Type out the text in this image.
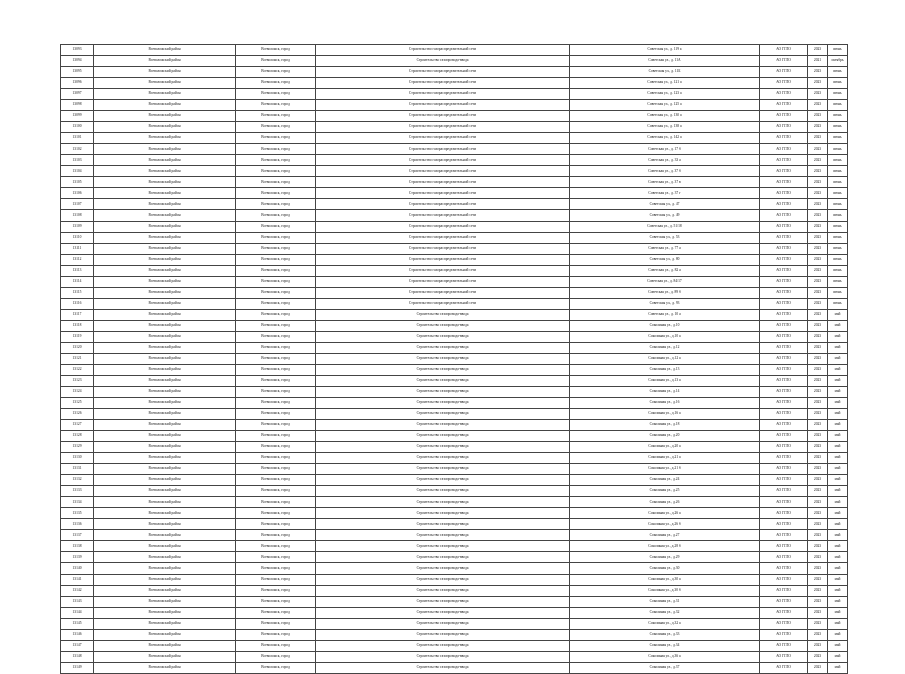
13093	Всеволожский район	Всеволожск, город	Строительство газораспределительной сети	Советская ул., д. 119 а	АО ГГЛО	2023	июнь
13094	Всеволожский район	Всеволожск, город	Строительство газопровода-ввода	Советская ул., д. 11А	АО ГГЛО	2021	октябрь
13095	Всеволожский район	Всеволожск, город	Строительство газораспределительной сети	Советская ул., д. 11Б	АО ГГЛО	2023	июнь
13096	Всеволожский район	Всеволожск, город	Строительство газораспределительной сети	Советская ул., д. 121 а	АО ГГЛО	2023	июнь
13097	Всеволожский район	Всеволожск, город	Строительство газораспределительной сети	Советская ул., д. 123 а	АО ГГЛО	2023	июнь
13098	Всеволожский район	Всеволожск, город	Строительство газораспределительной сети	Советская ул., д. 125 а	АО ГГЛО	2023	июнь
13099	Всеволожский район	Всеволожск, город	Строительство газораспределительной сети	Советская ул., д. 130 а	АО ГГЛО	2023	июнь
13100	Всеволожский район	Всеволожск, город	Строительство газораспределительной сети	Советская ул., д. 138 а	АО ГГЛО	2023	июнь
13101	Всеволожский район	Всеволожск, город	Строительство газораспределительной сети	Советская ул., д. 142 а	АО ГГЛО	2023	июнь
13102	Всеволожский район	Всеволожск, город	Строительство газораспределительной сети	Советская ул., д. 17 б	АО ГГЛО	2023	июнь
13103	Всеволожский район	Всеволожск, город	Строительство газораспределительной сети	Советская ул., д. 33 а	АО ГГЛО	2023	июнь
13104	Всеволожский район	Всеволожск, город	Строительство газораспределительной сети	Советская ул., д. 37 б	АО ГГЛО	2023	июнь
13105	Всеволожский район	Всеволожск, город	Строительство газораспределительной сети	Советская ул., д. 37 в	АО ГГЛО	2023	июнь
13106	Всеволожский район	Всеволожск, город	Строительство газораспределительной сети	Советская ул., д. 37 г	АО ГГЛО	2023	июнь
13107	Всеволожский район	Всеволожск, город	Строительство газораспределительной сети	Советская ул., д. 47	АО ГГЛО	2023	июнь
13108	Всеволожский район	Всеволожск, город	Строительство газораспределительной сети	Советская ул., д. 49	АО ГГЛО	2023	июнь
13109	Всеволожский район	Всеволожск, город	Строительство газораспределительной сети	Советская ул., д. 51/18	АО ГГЛО	2023	июнь
13110	Всеволожский район	Всеволожск, город	Строительство газораспределительной сети	Советская ул., д. 53	АО ГГЛО	2023	июнь
13111	Всеволожский район	Всеволожск, город	Строительство газораспределительной сети	Советская ул., д. 77 а	АО ГГЛО	2023	июнь
13112	Всеволожский район	Всеволожск, город	Строительство газораспределительной сети	Советская ул., д. 80	АО ГГЛО	2023	июнь
13113	Всеволожский район	Всеволожск, город	Строительство газораспределительной сети	Советская ул., д. 82 а	АО ГГЛО	2023	июнь
13114	Всеволожский район	Всеволожск, город	Строительство газораспределительной сети	Советская ул., д. 84/17	АО ГГЛО	2023	июнь
13115	Всеволожский район	Всеволожск, город	Строительство газораспределительной сети	Советская ул., д. 89 б	АО ГГЛО	2023	июнь
13116	Всеволожский район	Всеволожск, город	Строительство газораспределительной сети	Советская ул., д. 93	АО ГГЛО	2023	июнь
13117	Всеволожский район	Всеволожск, город	Строительство газопровода-ввода	Советская ул., д. 10 а	АО ГГЛО	2023	май
13118	Всеволожский район	Всеволожск, город	Строительство газопровода-ввода	Соколиная ул., д.10	АО ГГЛО	2023	май
13119	Всеволожский район	Всеволожск, город	Строительство газопровода-ввода	Соколиная ул., д.10 а	АО ГГЛО	2023	май
13120	Всеволожский район	Всеволожск, город	Строительство газопровода-ввода	Соколиная ул., д.12	АО ГГЛО	2023	май
13121	Всеволожский район	Всеволожск, город	Строительство газопровода-ввода	Соколиная ул., д.12 а	АО ГГЛО	2023	май
13122	Всеволожский район	Всеволожск, город	Строительство газопровода-ввода	Соколиная ул., д.13	АО ГГЛО	2023	май
13123	Всеволожский район	Всеволожск, город	Строительство газопровода-ввода	Соколиная ул., д.13 а	АО ГГЛО	2023	май
13124	Всеволожский район	Всеволожск, город	Строительство газопровода-ввода	Соколиная ул., д.14	АО ГГЛО	2023	май
13125	Всеволожский район	Всеволожск, город	Строительство газопровода-ввода	Соколиная ул., д.16	АО ГГЛО	2023	май
13126	Всеволожский район	Всеволожск, город	Строительство газопровода-ввода	Соколиная ул., д.16 а	АО ГГЛО	2023	май
13127	Всеволожский район	Всеволожск, город	Строительство газопровода-ввода	Соколиная ул., д.18	АО ГГЛО	2023	май
13128	Всеволожский район	Всеволожск, город	Строительство газопровода-ввода	Соколиная ул., д.20	АО ГГЛО	2023	май
13129	Всеволожский район	Всеволожск, город	Строительство газопровода-ввода	Соколиная ул., д.20 а	АО ГГЛО	2023	май
13130	Всеволожский район	Всеволожск, город	Строительство газопровода-ввода	Соколиная ул., д.21 а	АО ГГЛО	2023	май
13131	Всеволожский район	Всеволожск, город	Строительство газопровода-ввода	Соколиная ул., д.21 б	АО ГГЛО	2023	май
13132	Всеволожский район	Всеволожск, город	Строительство газопровода-ввода	Соколиная ул., д.24	АО ГГЛО	2023	май
13133	Всеволожский район	Всеволожск, город	Строительство газопровода-ввода	Соколиная ул., д.25	АО ГГЛО	2023	май
13134	Всеволожский район	Всеволожск, город	Строительство газопровода-ввода	Соколиная ул., д.26	АО ГГЛО	2023	май
13135	Всеволожский район	Всеволожск, город	Строительство газопровода-ввода	Соколиная ул., д.26 а	АО ГГЛО	2023	май
13136	Всеволожский район	Всеволожск, город	Строительство газопровода-ввода	Соколиная ул., д.26 б	АО ГГЛО	2023	май
13137	Всеволожский район	Всеволожск, город	Строительство газопровода-ввода	Соколиная ул., д.27	АО ГГЛО	2023	май
13138	Всеволожский район	Всеволожск, город	Строительство газопровода-ввода	Соколиная ул., д.28 б	АО ГГЛО	2023	май
13139	Всеволожский район	Всеволожск, город	Строительство газопровода-ввода	Соколиная ул., д.29	АО ГГЛО	2023	май
13140	Всеволожский район	Всеволожск, город	Строительство газопровода-ввода	Соколиная ул., д.30	АО ГГЛО	2023	май
13141	Всеволожский район	Всеволожск, город	Строительство газопровода-ввода	Соколиная ул., д.30 а	АО ГГЛО	2023	май
13142	Всеволожский район	Всеволожск, город	Строительство газопровода-ввода	Соколиная ул., д.30 б	АО ГГЛО	2023	май
13143	Всеволожский район	Всеволожск, город	Строительство газопровода-ввода	Соколиная ул., д.31	АО ГГЛО	2023	май
13144	Всеволожский район	Всеволожск, город	Строительство газопровода-ввода	Соколиная ул., д.32	АО ГГЛО	2023	май
13145	Всеволожский район	Всеволожск, город	Строительство газопровода-ввода	Соколиная ул., д.32 а	АО ГГЛО	2023	май
13146	Всеволожский район	Всеволожск, город	Строительство газопровода-ввода	Соколиная ул., д.33	АО ГГЛО	2023	май
13147	Всеволожский район	Всеволожск, город	Строительство газопровода-ввода	Соколиная ул., д.34	АО ГГЛО	2023	май
13148	Всеволожский район	Всеволожск, город	Строительство газопровода-ввода	Соколиная ул., д.36 а	АО ГГЛО	2023	май
13149	Всеволожский район	Всеволожск, город	Строительство газопровода-ввода	Соколиная ул., д.37	АО ГГЛО	2023	май
